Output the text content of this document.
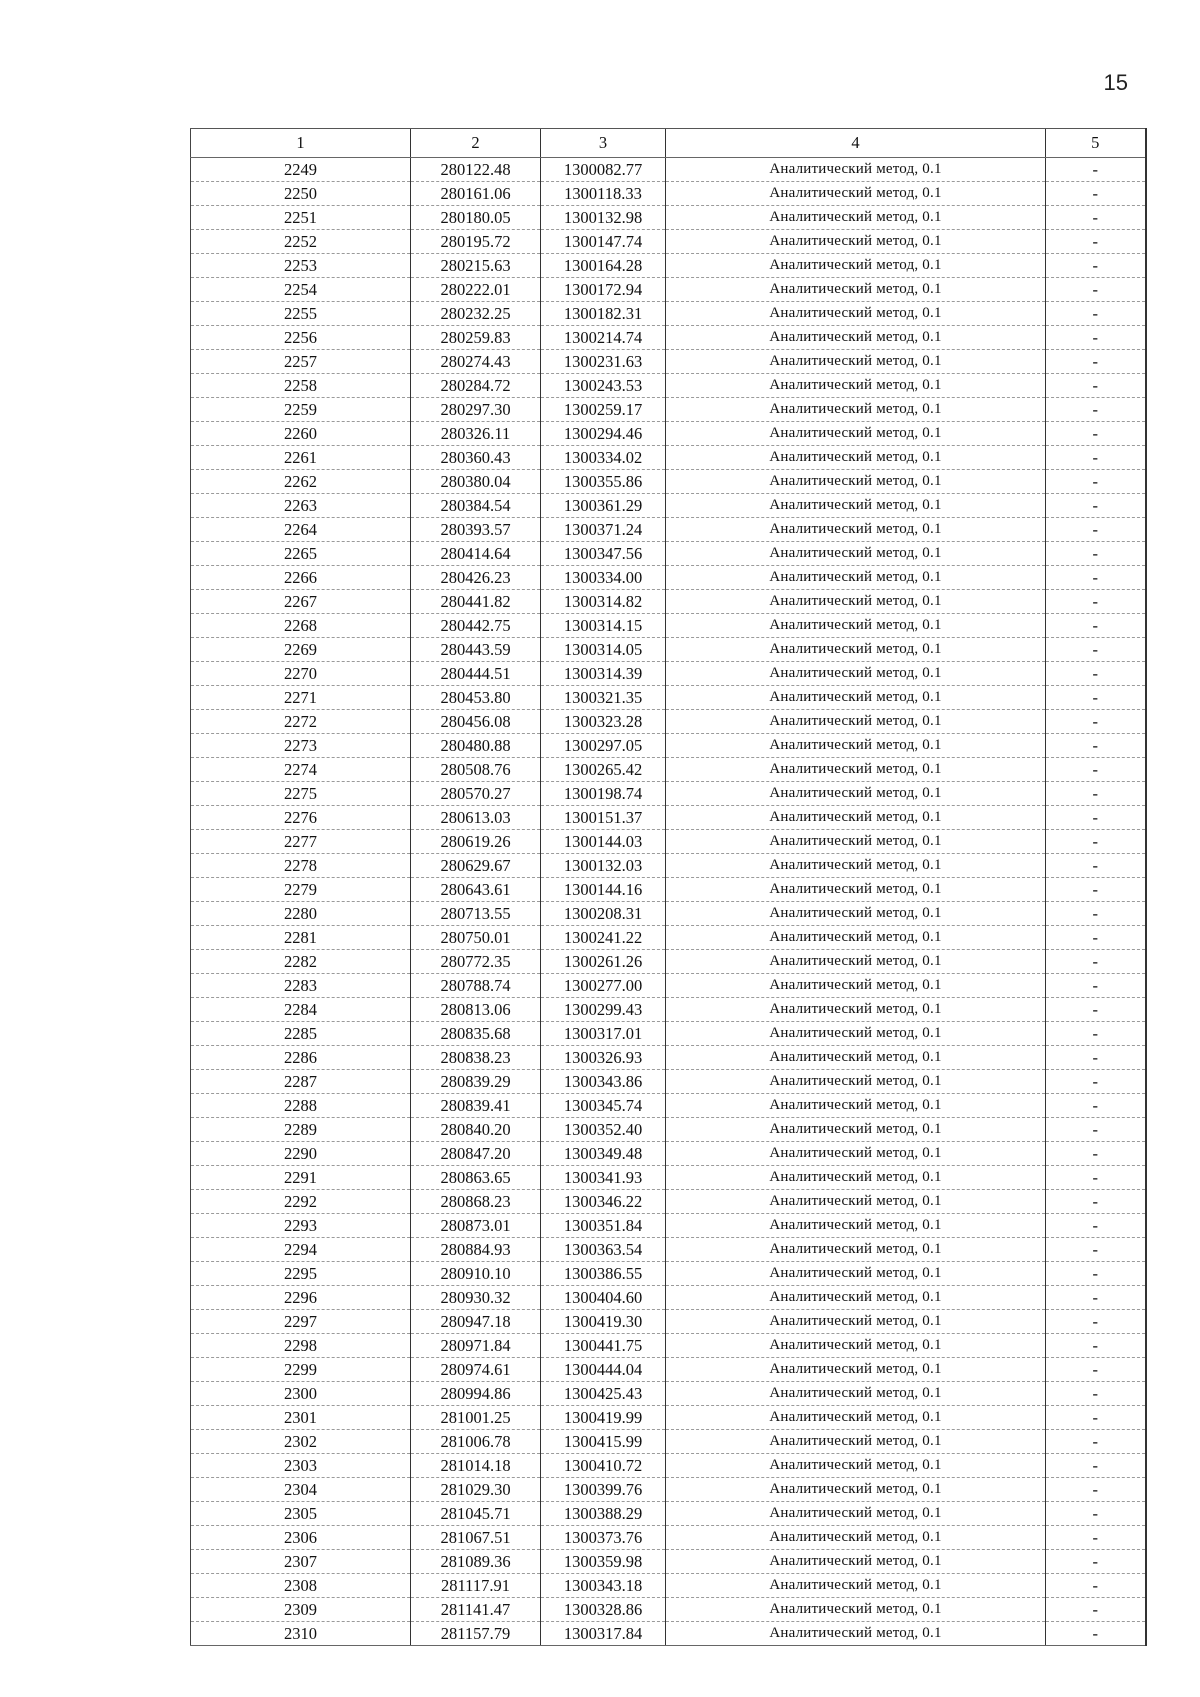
15
1	2	3	4	5
2249	280122.48	1300082.77	Аналитический метод, 0.1	-
2250	280161.06	1300118.33	Аналитический метод, 0.1	-
2251	280180.05	1300132.98	Аналитический метод, 0.1	-
2252	280195.72	1300147.74	Аналитический метод, 0.1	-
2253	280215.63	1300164.28	Аналитический метод, 0.1	-
2254	280222.01	1300172.94	Аналитический метод, 0.1	-
2255	280232.25	1300182.31	Аналитический метод, 0.1	-
2256	280259.83	1300214.74	Аналитический метод, 0.1	-
2257	280274.43	1300231.63	Аналитический метод, 0.1	-
2258	280284.72	1300243.53	Аналитический метод, 0.1	-
2259	280297.30	1300259.17	Аналитический метод, 0.1	-
2260	280326.11	1300294.46	Аналитический метод, 0.1	-
2261	280360.43	1300334.02	Аналитический метод, 0.1	-
2262	280380.04	1300355.86	Аналитический метод, 0.1	-
2263	280384.54	1300361.29	Аналитический метод, 0.1	-
2264	280393.57	1300371.24	Аналитический метод, 0.1	-
2265	280414.64	1300347.56	Аналитический метод, 0.1	-
2266	280426.23	1300334.00	Аналитический метод, 0.1	-
2267	280441.82	1300314.82	Аналитический метод, 0.1	-
2268	280442.75	1300314.15	Аналитический метод, 0.1	-
2269	280443.59	1300314.05	Аналитический метод, 0.1	-
2270	280444.51	1300314.39	Аналитический метод, 0.1	-
2271	280453.80	1300321.35	Аналитический метод, 0.1	-
2272	280456.08	1300323.28	Аналитический метод, 0.1	-
2273	280480.88	1300297.05	Аналитический метод, 0.1	-
2274	280508.76	1300265.42	Аналитический метод, 0.1	-
2275	280570.27	1300198.74	Аналитический метод, 0.1	-
2276	280613.03	1300151.37	Аналитический метод, 0.1	-
2277	280619.26	1300144.03	Аналитический метод, 0.1	-
2278	280629.67	1300132.03	Аналитический метод, 0.1	-
2279	280643.61	1300144.16	Аналитический метод, 0.1	-
2280	280713.55	1300208.31	Аналитический метод, 0.1	-
2281	280750.01	1300241.22	Аналитический метод, 0.1	-
2282	280772.35	1300261.26	Аналитический метод, 0.1	-
2283	280788.74	1300277.00	Аналитический метод, 0.1	-
2284	280813.06	1300299.43	Аналитический метод, 0.1	-
2285	280835.68	1300317.01	Аналитический метод, 0.1	-
2286	280838.23	1300326.93	Аналитический метод, 0.1	-
2287	280839.29	1300343.86	Аналитический метод, 0.1	-
2288	280839.41	1300345.74	Аналитический метод, 0.1	-
2289	280840.20	1300352.40	Аналитический метод, 0.1	-
2290	280847.20	1300349.48	Аналитический метод, 0.1	-
2291	280863.65	1300341.93	Аналитический метод, 0.1	-
2292	280868.23	1300346.22	Аналитический метод, 0.1	-
2293	280873.01	1300351.84	Аналитический метод, 0.1	-
2294	280884.93	1300363.54	Аналитический метод, 0.1	-
2295	280910.10	1300386.55	Аналитический метод, 0.1	-
2296	280930.32	1300404.60	Аналитический метод, 0.1	-
2297	280947.18	1300419.30	Аналитический метод, 0.1	-
2298	280971.84	1300441.75	Аналитический метод, 0.1	-
2299	280974.61	1300444.04	Аналитический метод, 0.1	-
2300	280994.86	1300425.43	Аналитический метод, 0.1	-
2301	281001.25	1300419.99	Аналитический метод, 0.1	-
2302	281006.78	1300415.99	Аналитический метод, 0.1	-
2303	281014.18	1300410.72	Аналитический метод, 0.1	-
2304	281029.30	1300399.76	Аналитический метод, 0.1	-
2305	281045.71	1300388.29	Аналитический метод, 0.1	-
2306	281067.51	1300373.76	Аналитический метод, 0.1	-
2307	281089.36	1300359.98	Аналитический метод, 0.1	-
2308	281117.91	1300343.18	Аналитический метод, 0.1	-
2309	281141.47	1300328.86	Аналитический метод, 0.1	-
2310	281157.79	1300317.84	Аналитический метод, 0.1	-
